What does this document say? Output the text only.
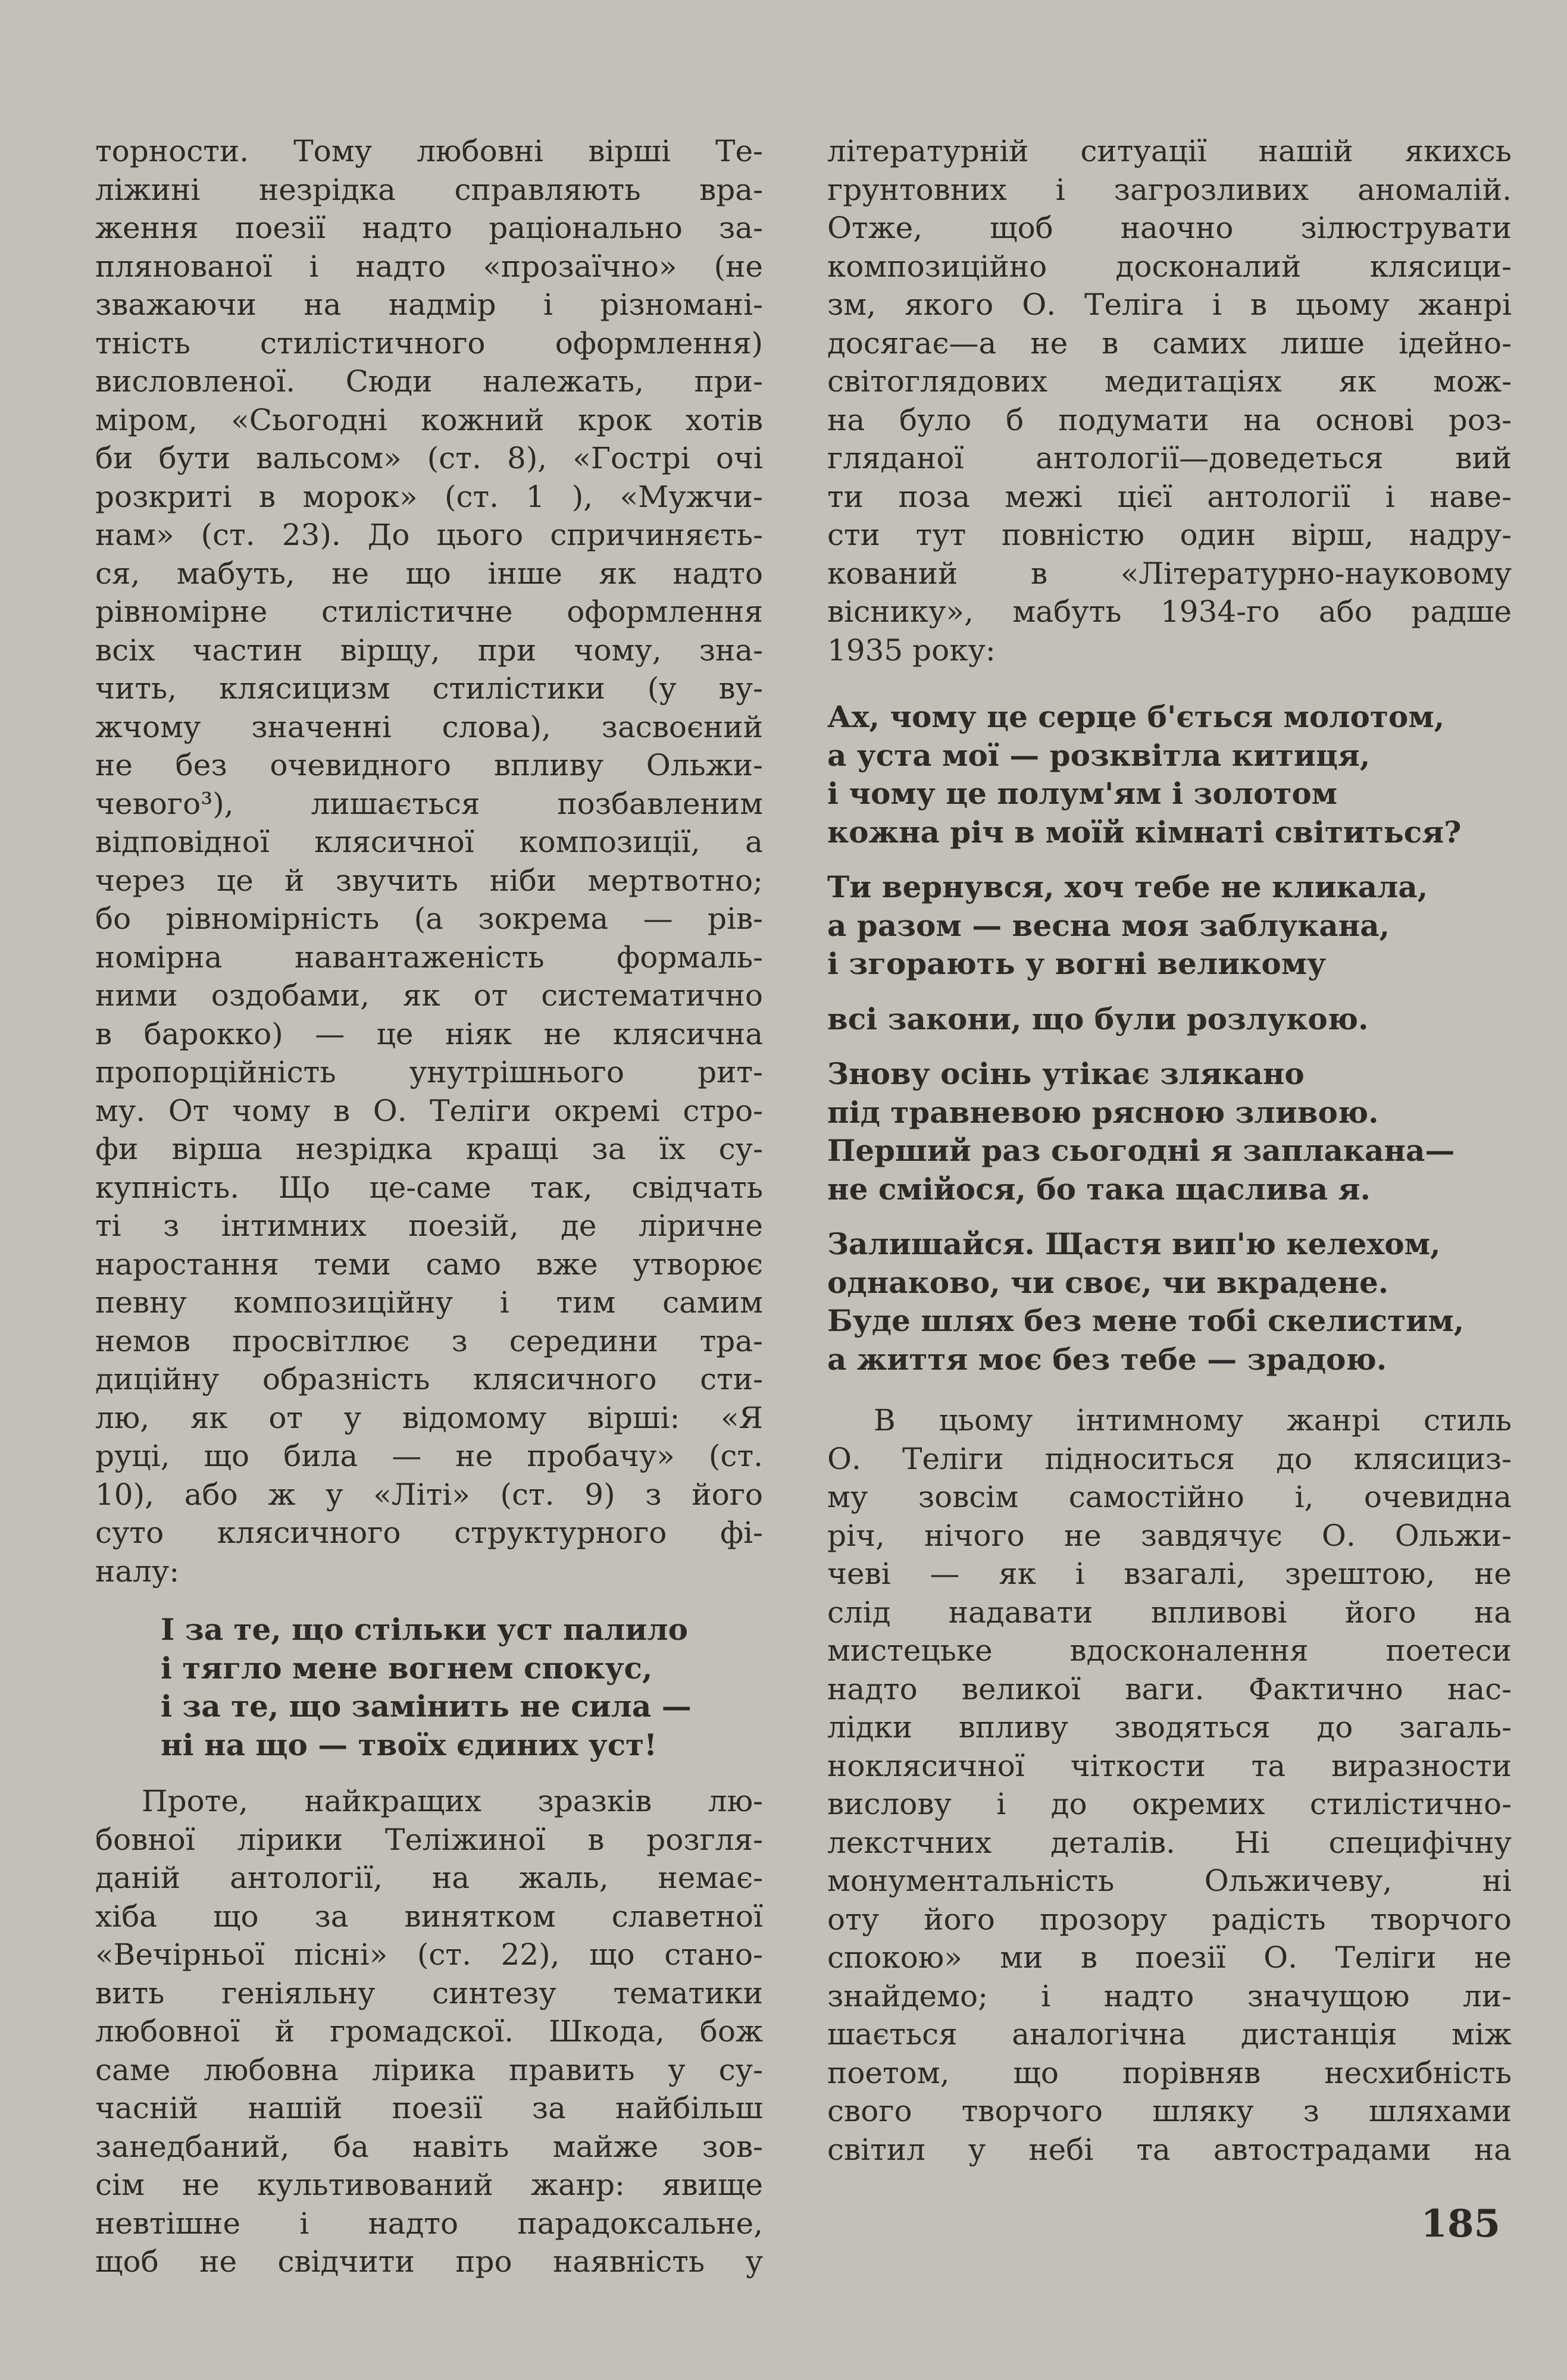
торности. Тому любовні вірші Те-
ліжині незрідка справляють вра-
ження поезії надто раціонально за-
плянованої і надто «прозаїчно» (не
зважаючи на надмір і різномані-
тність стилістичного оформлення)
висловленої. Сюди належать, при-
міром, «Сьогодні кожний крок хотів
би бути вальсом» (ст. 8), «Гострі очі
розкриті в морок» (ст. 1 ), «Мужчи-
нам» (ст. 23). До цього спричиняєть-
ся, мабуть, не що інше як надто
рівномірне стилістичне оформлення
всіх частин вірщу, при чому, зна-
чить, клясицизм стилістики (у ву-
жчому значенні слова), засвоєний
не без очевидного впливу Ольжи-
чевого³), лишається позбавленим
відповідної клясичної композиції, а
через це й звучить ніби мертвотно;
бо рівномірність (а зокрема — рів-
номірна навантаженість формаль-
ними оздобами, як от систематично
в барокко) — це ніяк не клясична
пропорційність унутрішнього рит-
му. От чому в О. Теліги окремі стро-
фи вірша незрідка кращі за їх су-
купність. Що це-саме так, свідчать
ті з інтимних поезій, де ліричне
наростання теми само вже утворює
певну композиційну і тим самим
немов просвітлює з середини тра-
диційну образність клясичного сти-
лю, як от у відомому вірші: «Я
руці, що била — не пробачу» (ст.
10), або ж у «Літі» (ст. 9) з його
суто клясичного структурного фі-
налу:
І за те, що стільки уст палило
і тягло мене вогнем спокус,
і за те, що замінить не сила —
ні на що — твоїх єдиних уст!
Проте, найкращих зразків лю-
бовної лірики Теліжиної в розгля-
даній антології, на жаль, немає-
хіба що за винятком славетної
«Вечірньої пісні» (ст. 22), що стано-
вить геніяльну синтезу тематики
любовної й громадскої. Шкода, бож
саме любовна лірика править у су-
часній нашій поезії за найбільш
занедбаний, ба навіть майже зов-
сім не культивований жанр: явище
невтішне і надто парадоксальне,
щоб не свідчити про наявність у
літературній ситуації нашій якихсь
грунтовних і загрозливих аномалій.
Отже, щоб наочно зілюструвати
композиційно досконалий клясици-
зм, якого О. Теліга і в цьому жанрі
досягає—а не в самих лише ідейно-
світоглядових медитаціях як мож-
на було б подумати на основі роз-
гляданої антології—доведеться вий
ти поза межі цієї антології і наве-
сти тут повністю один вірш, надру-
кований в «Літературно-науковому
віснику», мабуть 1934-го або радше
1935 року:
Ах, чому це серце б'ється молотом,
а уста мої — розквітла китиця,
і чому це полум'ям і золотом
кожна річ в моїй кімнаті світиться?
Ти вернувся, хоч тебе не кликала,
а разом — весна моя заблукана,
і згорають у вогні великому
всі закони, що були розлукою.
Знову осінь утікає злякано
під травневою рясною зливою.
Перший раз сьогодні я заплакана—
не смійося, бо така щаслива я.
Залишайся. Щастя вип'ю келехом,
однаково, чи своє, чи вкрадене.
Буде шлях без мене тобі скелистим,
а життя моє без тебе — зрадою.
В цьому інтимному жанрі стиль
О. Теліги підноситься до клясициз-
му зовсім самостійно і, очевидна
річ, нічого не завдячує О. Ольжи-
чеві — як і взагалі, зрештою, не
слід надавати впливові його на
мистецьке вдосконалення поетеси
надто великої ваги. Фактично нас-
лідки впливу зводяться до загаль-
ноклясичної чіткости та виразности
вислову і до окремих стилістично-
лекстчних деталів. Ні специфічну
монументальність Ольжичеву, ні
оту його прозору радість творчого
спокою» ми в поезії О. Теліги не
знайдемо; і надто значущою ли-
шається аналогічна дистанція між
поетом, що порівняв несхибність
свого творчого шляку з шляхами
світил у небі та автострадами на
185
